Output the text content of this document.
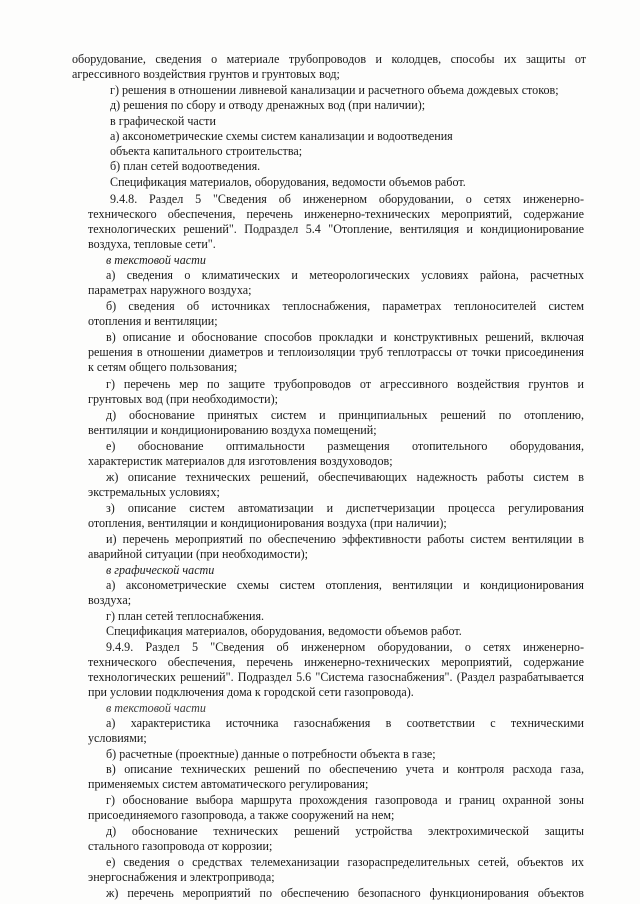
оборудование, сведения о материале трубопроводов и колодцев, способы их защиты от
агрессивного воздействия грунтов и грунтовых вод;
г) решения в отношении ливневой канализации и расчетного объема дождевых стоков;
д) решения по сбору и отводу дренажных вод (при наличии);
в графической части
а) аксонометрические схемы систем канализации и водоотведения
объекта капитального строительства;
б) план сетей водоотведения.
Спецификация материалов, оборудования, ведомости объемов работ.
9.4.8. Раздел 5 "Сведения об инженерном оборудовании, о сетях инженерно-
технического обеспечения, перечень инженерно-технических мероприятий, содержание
технологических решений". Подраздел 5.4 "Отопление, вентиляция и кондиционирование
воздуха, тепловые сети".
в текстовой части
а) сведения о климатических и метеорологических условиях района, расчетных
параметрах наружного воздуха;
б) сведения об источниках теплоснабжения, параметрах теплоносителей систем
отопления и вентиляции;
в) описание и обоснование способов прокладки и конструктивных решений, включая
решения в отношении диаметров и теплоизоляции труб теплотрассы от точки присоединения
к сетям общего пользования;
г) перечень мер по защите трубопроводов от агрессивного воздействия грунтов и
грунтовых вод (при необходимости);
д) обоснование принятых систем и принципиальных решений по отоплению,
вентиляции и кондиционированию воздуха помещений;
е) обоснование оптимальности размещения отопительного оборудования,
характеристик материалов для изготовления воздуховодов;
ж) описание технических решений, обеспечивающих надежность работы систем в
экстремальных условиях;
з) описание систем автоматизации и диспетчеризации процесса регулирования
отопления, вентиляции и кондиционирования воздуха (при наличии);
и) перечень мероприятий по обеспечению эффективности работы систем вентиляции в
аварийной ситуации (при необходимости);
в графической части
а) аксонометрические схемы систем отопления, вентиляции и кондиционирования
воздуха;
г) план сетей теплоснабжения.
Спецификация материалов, оборудования, ведомости объемов работ.
9.4.9. Раздел 5 "Сведения об инженерном оборудовании, о сетях инженерно-
технического обеспечения, перечень инженерно-технических мероприятий, содержание
технологических решений". Подраздел 5.6 "Система газоснабжения". (Раздел разрабатывается
при условии подключения дома к городской сети газопровода).
в текстовой части
а) характеристика источника газоснабжения в соответствии с техническими
условиями;
б) расчетные (проектные) данные о потребности объекта в газе;
в) описание технических решений по обеспечению учета и контроля расхода газа,
применяемых систем автоматического регулирования;
г) обоснование выбора маршрута прохождения газопровода и границ охранной зоны
присоединяемого газопровода, а также сооружений на нем;
д) обоснование технических решений устройства электрохимической защиты
стального газопровода от коррозии;
е) сведения о средствах телемеханизации газораспределительных сетей, объектов их
энергоснабжения и электропривода;
ж) перечень мероприятий по обеспечению безопасного функционирования объектов
